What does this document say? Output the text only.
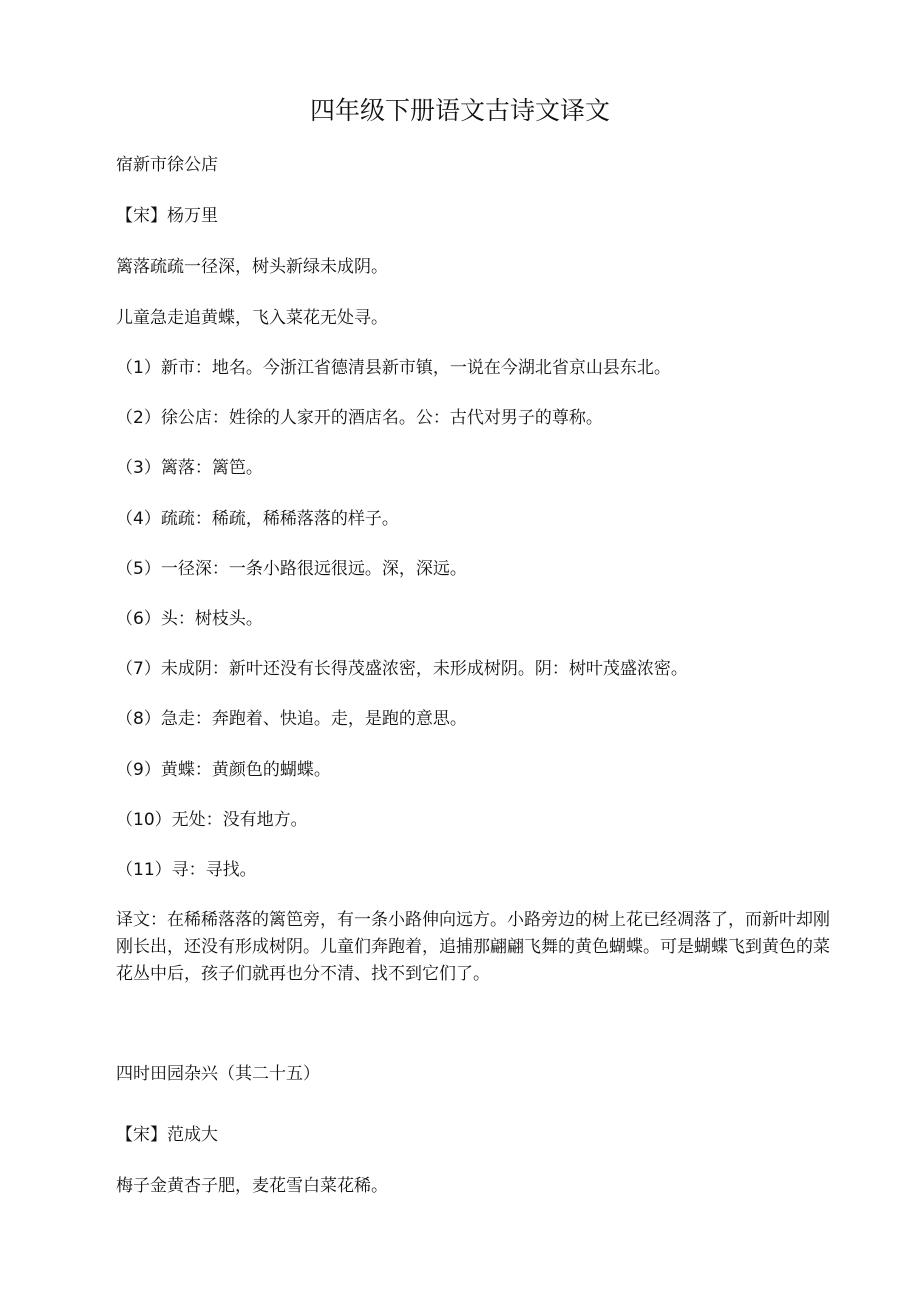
四年级下册语文古诗文译文

宿新市徐公店

【宋】杨万里

篱落疏疏一径深，树头新绿未成阴。

儿童急走追黄蝶，飞入菜花无处寻。

（1）新市：地名。今浙江省德清县新市镇，一说在今湖北省京山县东北。

（2）徐公店：姓徐的人家开的酒店名。公：古代对男子的尊称。

（3）篱落：篱笆。

（4）疏疏：稀疏，稀稀落落的样子。

（5）一径深：一条小路很远很远。深，深远。

（6）头：树枝头。

（7）未成阴：新叶还没有长得茂盛浓密，未形成树阴。阴：树叶茂盛浓密。

（8）急走：奔跑着、快追。走，是跑的意思。

（9）黄蝶：黄颜色的蝴蝶。

（10）无处：没有地方。

（11）寻：寻找。

译文：在稀稀落落的篱笆旁，有一条小路伸向远方。小路旁边的树上花已经凋落了，而新叶却刚刚长出，还没有形成树阴。儿童们奔跑着，追捕那翩翩飞舞的黄色蝴蝶。可是蝴蝶飞到黄色的菜花丛中后，孩子们就再也分不清、找不到它们了。

四时田园杂兴（其二十五）

【宋】范成大

梅子金黄杏子肥，麦花雪白菜花稀。
